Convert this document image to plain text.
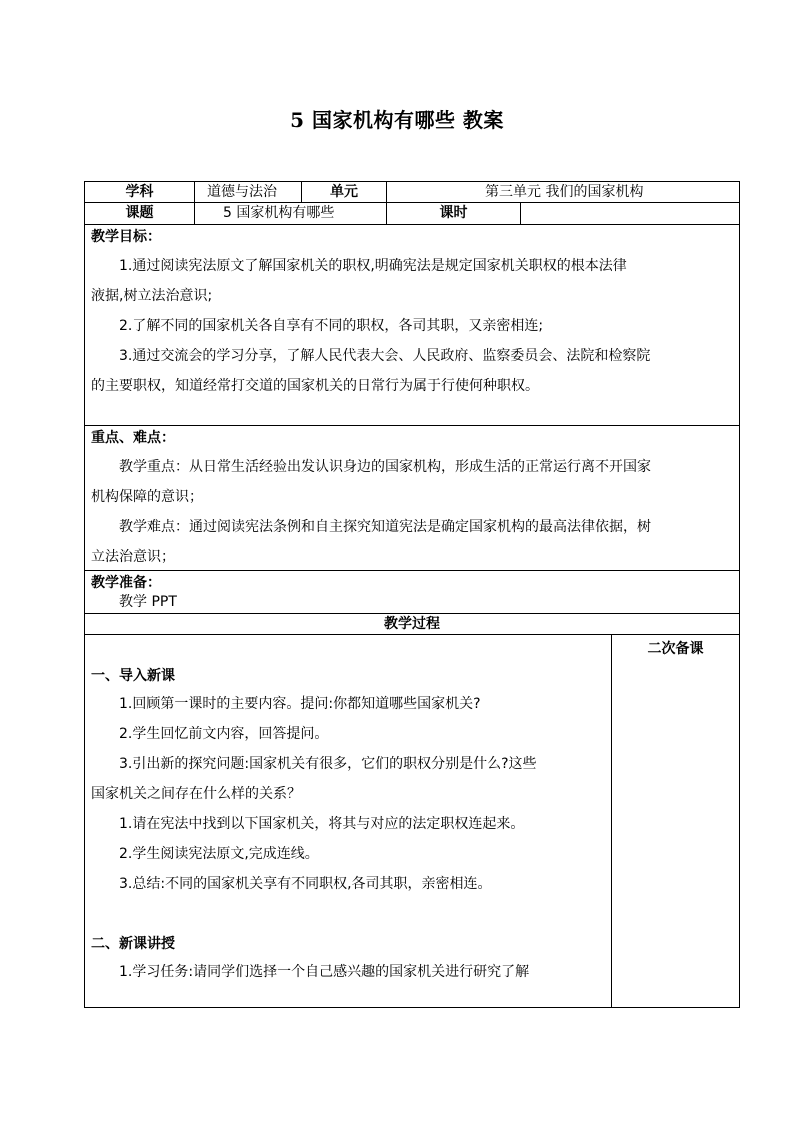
5 国家机构有哪些 教案
学科	道德与法治	单元	第三单元 我们的国家机构
课题	5 国家机构有哪些	课时
教学目标：

1.通过阅读宪法原文了解国家机关的职权,明确宪法是规定国家机关职权的根本法律

液据,树立法治意识;

2.了解不同的国家机关各自享有不同的职权，各司其职，又亲密相连;

3.通过交流会的学习分享，了解人民代表大会、人民政府、监察委员会、法院和检察院

的主要职权，知道经常打交道的国家机关的日常行为属于行使何种职权。

重点、难点：

教学重点：从日常生活经验出发认识身边的国家机构，形成生活的正常运行离不开国家

机构保障的意识；

教学难点：通过阅读宪法条例和自主探究知道宪法是确定国家机构的最高法律依据，树

立法治意识；

教学准备：
教学 PPT
教学过程
一、导入新课

1.回顾第一课时的主要内容。提问:你都知道哪些国家机关?

2.学生回忆前文内容，回答提问。

3.引出新的探究问题:国家机关有很多，它们的职权分别是什么?这些

国家机关之间存在什么样的关系？

1.请在宪法中找到以下国家机关，将其与对应的法定职权连起来。

2.学生阅读宪法原文,完成连线。

3.总结:不同的国家机关享有不同职权,各司其职，亲密相连。

二、新课讲授

1.学习任务:请同学们选择一个自己感兴趣的国家机关进行研究了解

二次备课
